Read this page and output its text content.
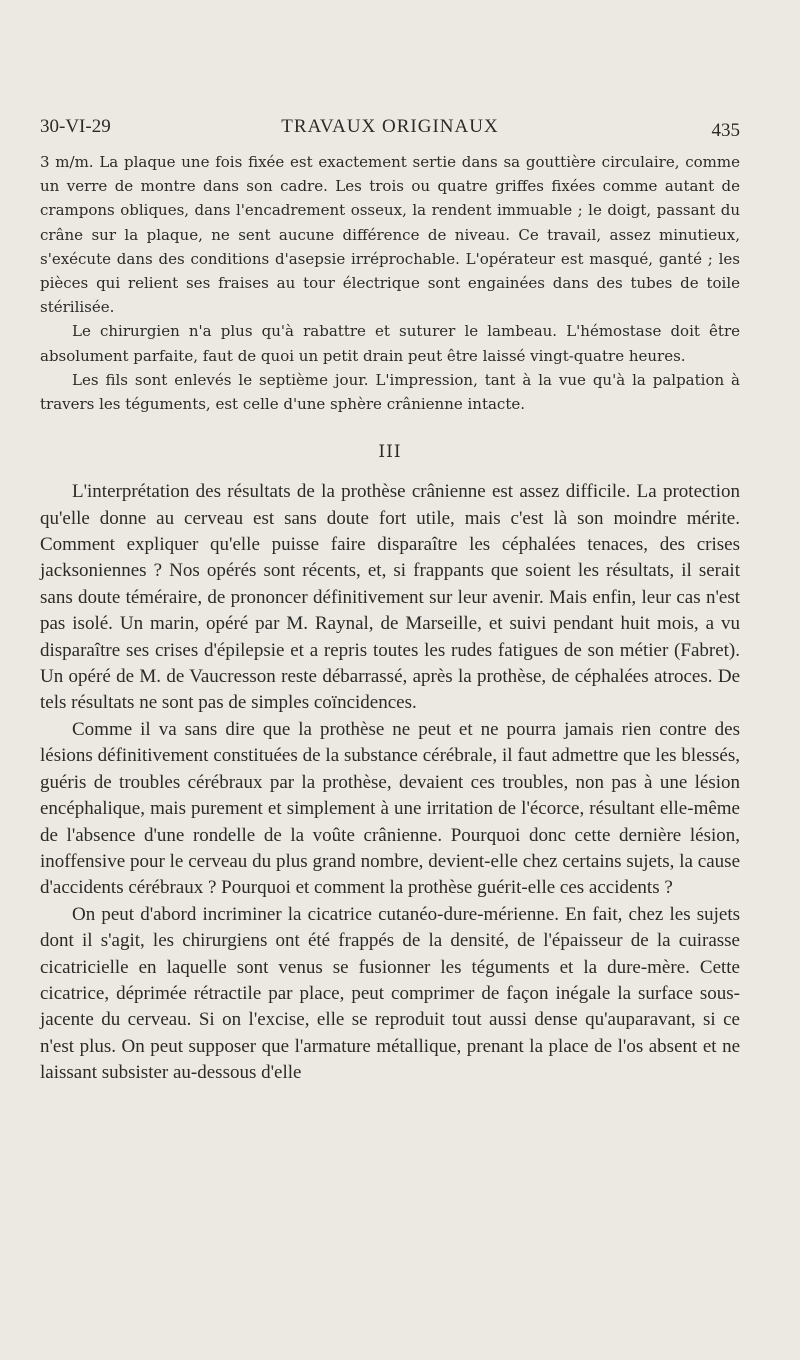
30-VI-29	TRAVAUX ORIGINAUX	435

3 m/m. La plaque une fois fixée est exactement sertie dans sa gouttière circulaire, comme un verre de montre dans son cadre. Les trois ou quatre griffes fixées comme autant de crampons obliques, dans l'encadrement osseux, la rendent immuable ; le doigt, passant du crâne sur la plaque, ne sent aucune différence de niveau. Ce travail, assez minutieux, s'exécute dans des conditions d'asepsie irréprochable. L'opérateur est masqué, ganté ; les pièces qui relient ses fraises au tour électrique sont engainées dans des tubes de toile stérilisée.

Le chirurgien n'a plus qu'à rabattre et suturer le lambeau. L'hémostase doit être absolument parfaite, faut de quoi un petit drain peut être laissé vingt-quatre heures.

Les fils sont enlevés le septième jour. L'impression, tant à la vue qu'à la palpation à travers les téguments, est celle d'une sphère crânienne intacte.

III

L'interprétation des résultats de la prothèse crânienne est assez difficile. La protection qu'elle donne au cerveau est sans doute fort utile, mais c'est là son moindre mérite. Comment expliquer qu'elle puisse faire disparaître les céphalées tenaces, des crises jacksoniennes ? Nos opérés sont récents, et, si frappants que soient les résultats, il serait sans doute téméraire, de prononcer définitivement sur leur avenir. Mais enfin, leur cas n'est pas isolé. Un marin, opéré par M. Raynal, de Marseille, et suivi pendant huit mois, a vu disparaître ses crises d'épilepsie et a repris toutes les rudes fatigues de son métier (Fabret). Un opéré de M. de Vaucresson reste débarrassé, après la prothèse, de céphalées atroces. De tels résultats ne sont pas de simples coïncidences.

Comme il va sans dire que la prothèse ne peut et ne pourra jamais rien contre des lésions définitivement constituées de la substance cérébrale, il faut admettre que les blessés, guéris de troubles cérébraux par la prothèse, devaient ces troubles, non pas à une lésion encéphalique, mais purement et simplement à une irritation de l'écorce, résultant elle-même de l'absence d'une rondelle de la voûte crânienne. Pourquoi donc cette dernière lésion, inoffensive pour le cerveau du plus grand nombre, devient-elle chez certains sujets, la cause d'accidents cérébraux ? Pourquoi et comment la prothèse guérit-elle ces accidents ?

On peut d'abord incriminer la cicatrice cutanéo-dure-mérienne. En fait, chez les sujets dont il s'agit, les chirurgiens ont été frappés de la densité, de l'épaisseur de la cuirasse cicatricielle en laquelle sont venus se fusionner les téguments et la dure-mère. Cette cicatrice, déprimée rétractile par place, peut comprimer de façon inégale la surface sous-jacente du cerveau. Si on l'excise, elle se reproduit tout aussi dense qu'auparavant, si ce n'est plus. On peut supposer que l'armature métallique, prenant la place de l'os absent et ne laissant subsister au-dessous d'elle
